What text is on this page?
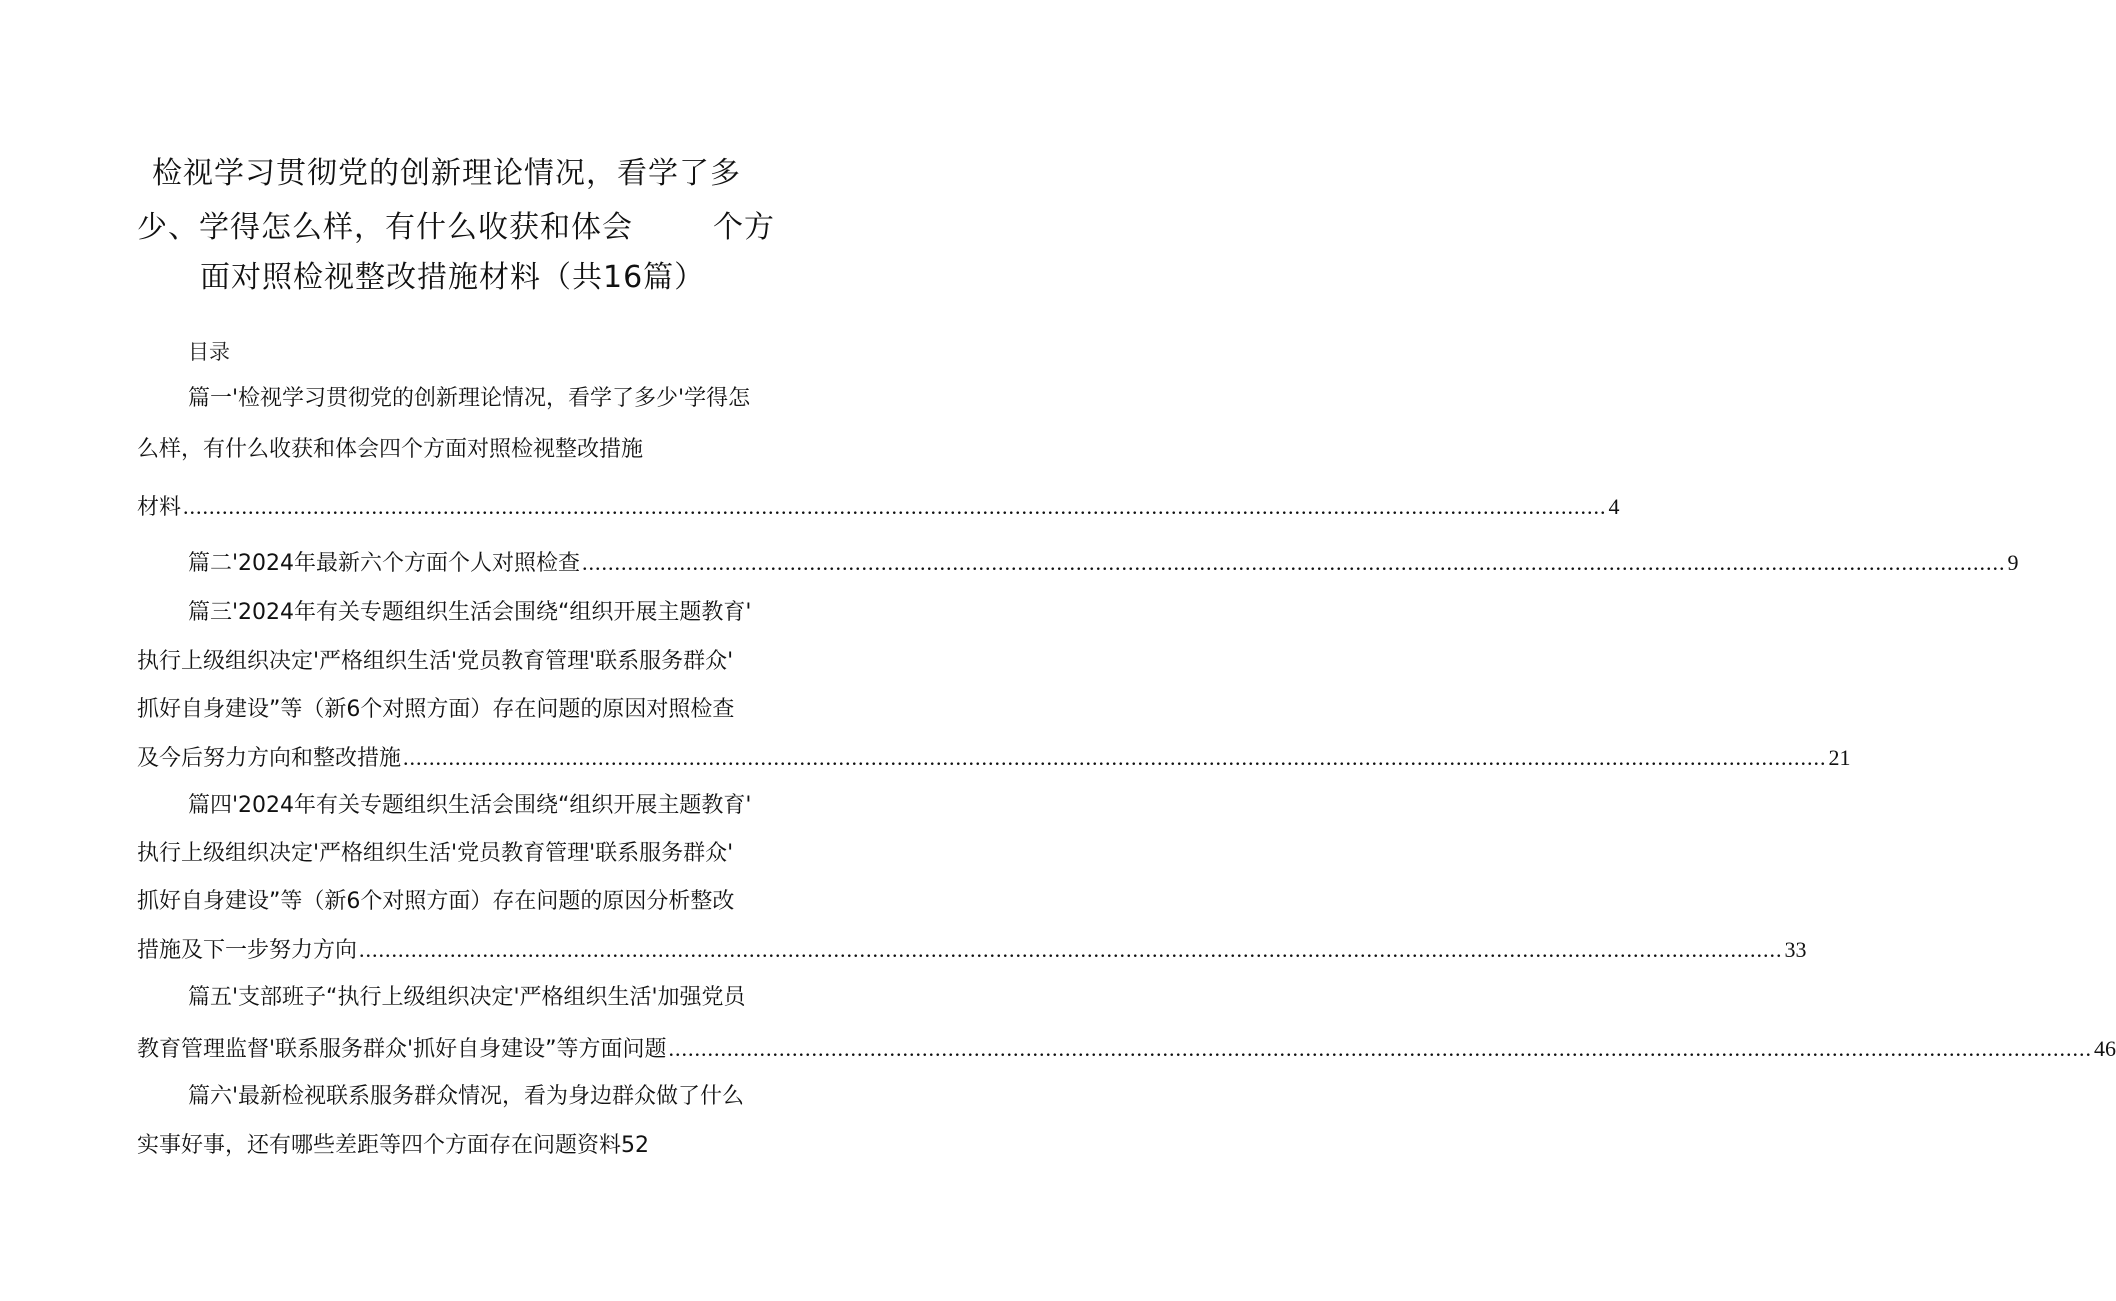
检视学习贯彻党的创新理论情况，看学了多
少、学得怎么样，有什么收获和体会	个方
面对照检视整改措施材料（共16篇）
目录
篇一'检视学习贯彻党的创新理论情况，看学了多少'学得怎
么样，有什么收获和体会四个方面对照检视整改措施
材料 ........................................................................................................................................................................................................................... 4
篇二'2024年最新六个方面个人对照检查 ........................................................................................................................................................................................................................... 9
篇三'2024年有关专题组织生活会围绕“组织开展主题教育'
执行上级组织决定'严格组织生活'党员教育管理'联系服务群众'
抓好自身建设”等（新6个对照方面）存在问题的原因对照检查
及今后努力方向和整改措施 ........................................................................................................................................................................................................................... 21
篇四'2024年有关专题组织生活会围绕“组织开展主题教育'
执行上级组织决定'严格组织生活'党员教育管理'联系服务群众'
抓好自身建设”等（新6个对照方面）存在问题的原因分析整改
措施及下一步努力方向 ........................................................................................................................................................................................................................... 33
篇五'支部班子“执行上级组织决定'严格组织生活'加强党员
教育管理监督'联系服务群众'抓好自身建设”等方面问题 ........................................................................................................................................................................................................................... 46
篇六'最新检视联系服务群众情况，看为身边群众做了什么
实事好事，还有哪些差距等四个方面存在问题资料52
